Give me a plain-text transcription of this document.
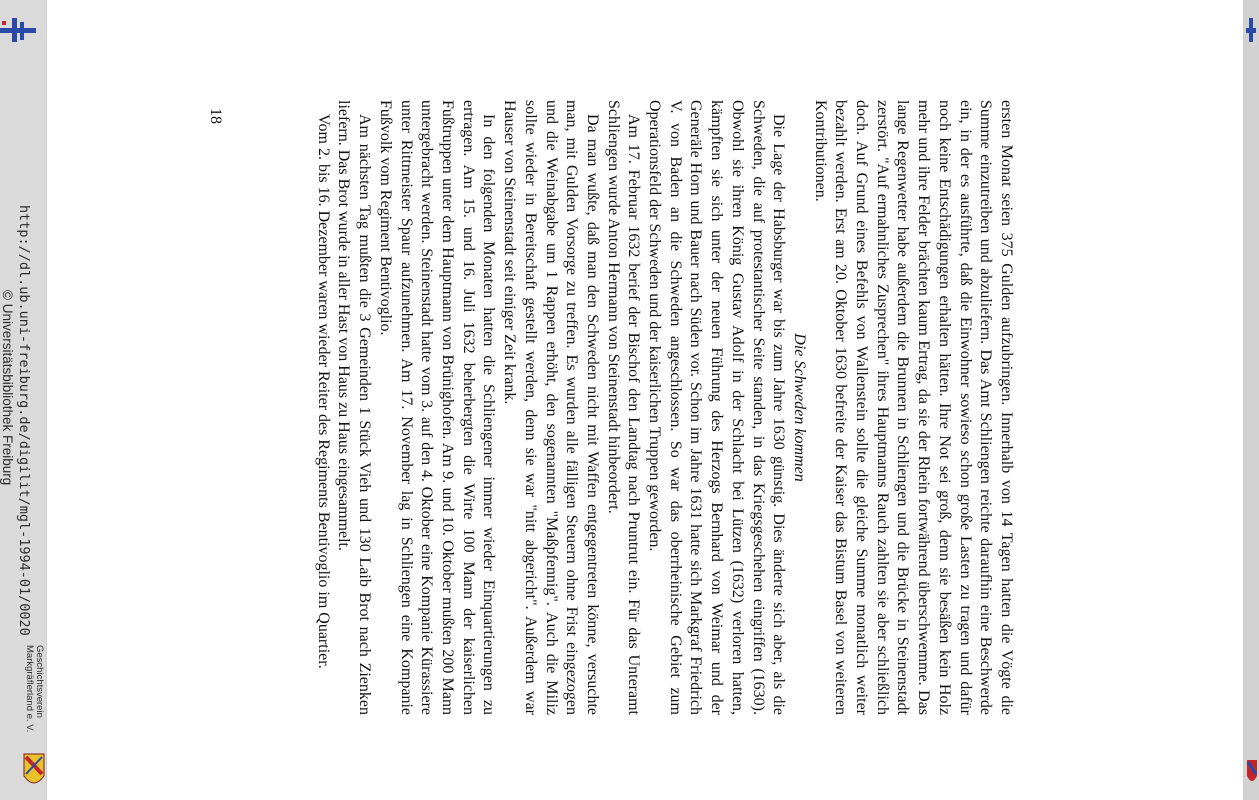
http://dl.ub.uni-freiburg.de/digilit/mgl-1994-01/0020
© Universitätsbibliothek Freiburg
Geschichtsverein
Markgräflerland e. V.	ersten Monat seien 375 Gulden aufzubringen. Innerhalb von 14 Tagen hatten die Vögte die Summe einzutreiben und abzuliefern. Das Amt Schliengen reichte daraufhin eine Beschwerde ein, in der es ausführte, daß die Einwohner sowieso schon große Lasten zu tragen und dafür noch keine Entschädigungen erhalten hätten. Ihre Not sei groß, denn sie besäßen kein Holz mehr und ihre Felder brächten kaum Ertrag, da sie der Rhein fortwährend überschwemme. Das lange Regenwetter habe außerdem die Brunnen in Schliengen und die Brücke in Steinenstadt zerstört. "Auf ermahnliches Zusprechen" ihres Hauptmanns Rauch zahlten sie aber schließlich doch. Auf Grund eines Befehls von Wallenstein sollte die gleiche Summe monatlich weiter bezahlt werden. Erst am 20. Oktober 1630 befreite der Kaiser das Bistum Basel von weiteren Kontributionen.

Die Schweden kommen

Die Lage der Habsburger war bis zum Jahre 1630 günstig. Dies änderte sich aber, als die Schweden, die auf protestantischer Seite standen, in das Kriegsgeschehen eingriffen (1630). Obwohl sie ihren König Gustav Adolf in der Schlacht bei Lützen (1632) verloren hatten, kämpften sie sich unter der neuen Führung des Herzogs Bernhard von Weimar und der Generäle Horn und Bauer nach Süden vor. Schon im Jahre 1631 hatte sich Markgraf Friedrich V. von Baden an die Schweden angeschlossen. So war das oberrheinische Gebiet zum Operationsfeld der Schweden und der kaiserlichen Truppen geworden.

Am 17. Februar 1632 berief der Bischof den Landtag nach Pruntrut ein. Für das Unteramt Schliengen wurde Anton Hermann von Steinenstadt hinbeordert.

Da man wußte, daß man den Schweden nicht mit Waffen entgegentreten könne, versuchte man, mit Gulden Vorsorge zu treffen. Es wurden alle fälligen Steuern ohne Frist eingezogen und die Weinabgabe um 1 Rappen erhöht, den sogenannten "Maßpfennig". Auch die Miliz sollte wieder in Bereitschaft gestellt werden, denn sie war "nitt abgericht". Außerdem war Hauser von Steinenstadt seit einiger Zeit krank.

In den folgenden Monaten hatten die Schliengener immer wieder Einquartierungen zu ertragen. Am 15. und 16. Juli 1632 beherbergten die Wirte 100 Mann der kaiserlichen Fußtruppen unter dem Hauptmann von Brünighofen. Am 9. und 10. Oktober mußten 200 Mann untergebracht werden. Steinenstadt hatte vom 3. auf den 4. Oktober eine Kompanie Kürassiere unter Rittmeister Spaur aufzunehmen. Am 17. November lag in Schliengen eine Kompanie Fußvolk vom Regiment Bentivoglio.

Am nächsten Tag mußten die 3 Gemeinden 1 Stück Vieh und 130 Laib Brot nach Zienken liefern. Das Brot wurde in aller Hast von Haus zu Haus eingesammelt.

Vom 2. bis 16. Dezember waren wieder Reiter des Regiments Bentivoglio im Quartier.

18
